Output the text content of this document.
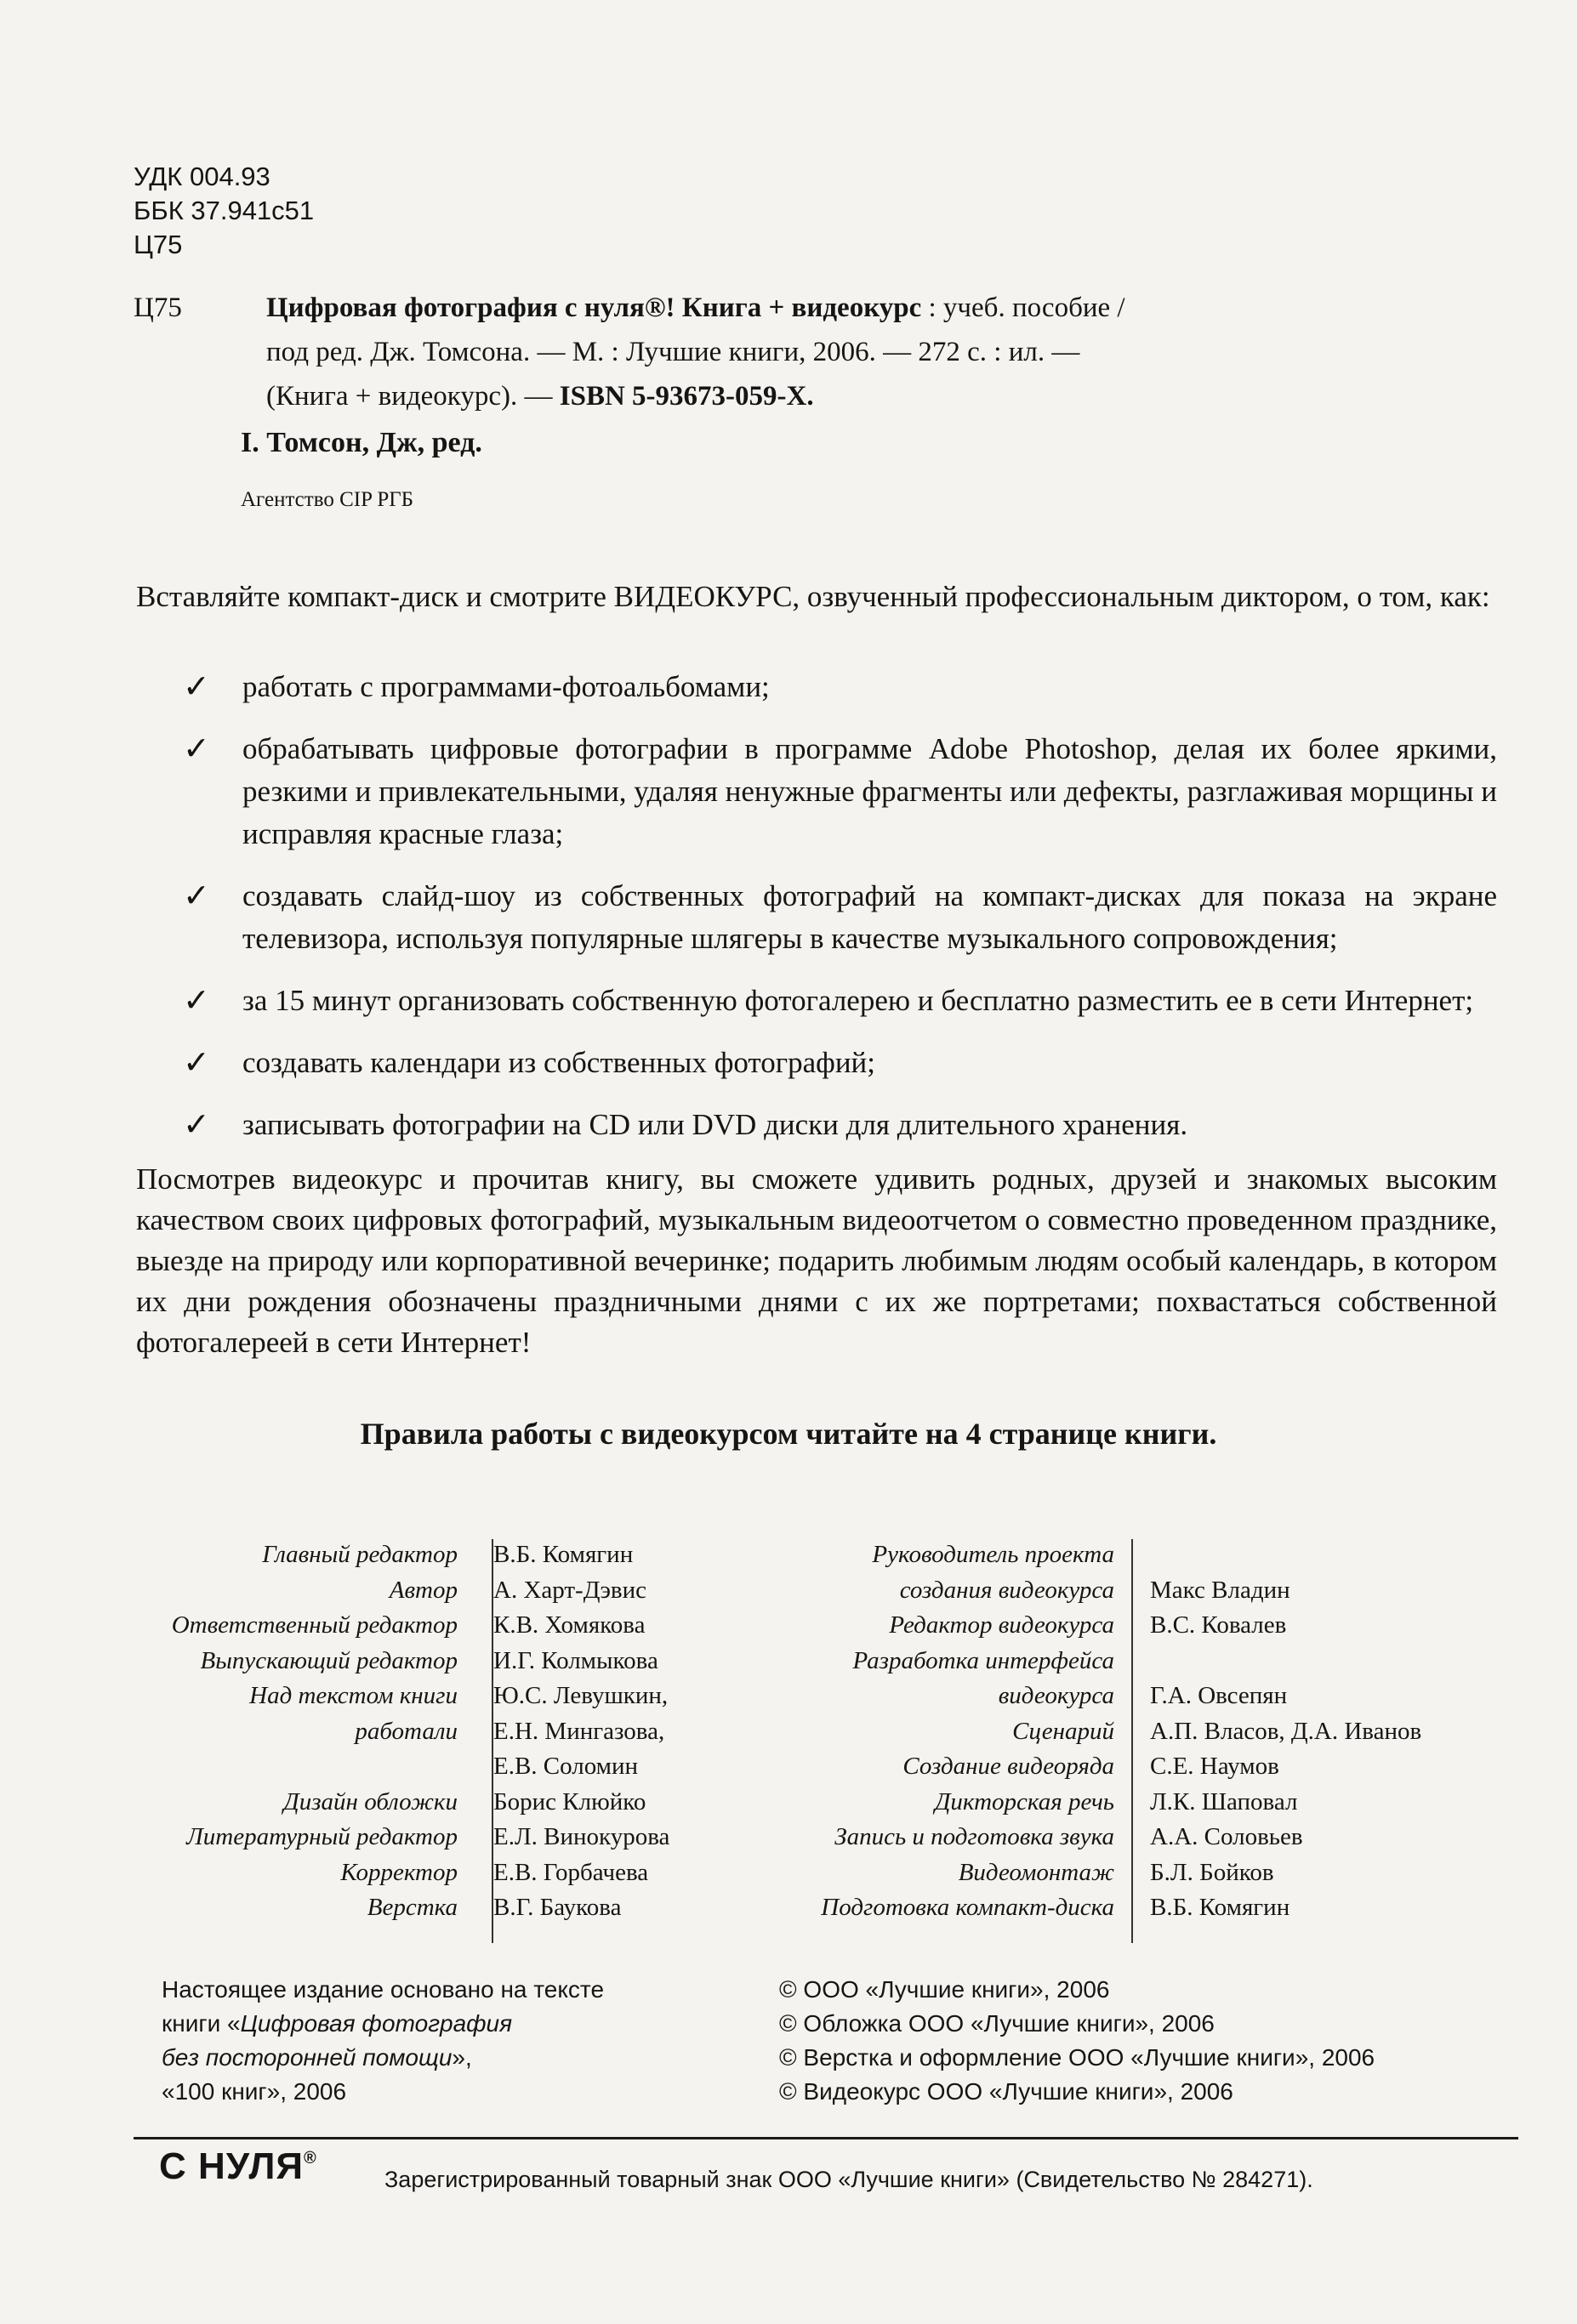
УДК 004.93
ББК 37.941с51
Ц75
Ц75	Цифровая фотография с нуля®! Книга + видеокурс : учеб. пособие /
под ред. Дж. Томсона. — М. : Лучшие книги, 2006. — 272 с. : ил. —
(Книга + видеокурс). — ISBN 5-93673-059-X.
I. Томсон, Дж, ред.
Агентство CIP РГБ
Вставляйте компакт-диск и смотрите ВИДЕОКУРС, озвученный профессиональным диктором, о том, как:
✓ работать с программами-фотоальбомами;
✓ обрабатывать цифровые фотографии в программе Adobe Photoshop, делая их более яркими, резкими и привлекательными, удаляя ненужные фрагменты или дефекты, разглаживая морщины и исправляя красные глаза;
✓ создавать слайд-шоу из собственных фотографий на компакт-дисках для показа на экране телевизора, используя популярные шлягеры в качестве музыкального сопровождения;
✓ за 15 минут организовать собственную фотогалерею и бесплатно разместить ее в сети Интернет;
✓ создавать календари из собственных фотографий;
✓ записывать фотографии на CD или DVD диски для длительного хранения.
Посмотрев видеокурс и прочитав книгу, вы сможете удивить родных, друзей и знакомых высоким качеством своих цифровых фотографий, музыкальным видеоотчетом о совместно проведенном празднике, выезде на природу или корпоративной вечеринке; подарить любимым людям особый календарь, в котором их дни рождения обозначены праздничными днями с их же портретами; похвастаться собственной фотогалереей в сети Интернет!
Правила работы с видеокурсом читайте на 4 странице книги.
Главный редактор	В.Б. Комягин
Автор	А. Харт-Дэвис
Ответственный редактор	К.В. Хомякова
Выпускающий редактор	И.Г. Колмыкова
Над текстом книги	Ю.С. Левушкин,
работали	Е.Н. Мингазова,
Е.В. Соломин
Дизайн обложки	Борис Клюйко
Литературный редактор	Е.Л. Винокурова
Корректор	Е.В. Горбачева
Верстка	В.Г. Баукова
Руководитель проекта
создания видеокурса	Макс Владин
Редактор видеокурса	В.С. Ковалев
Разработка интерфейса
видеокурса	Г.А. Овсепян
Сценарий	А.П. Власов, Д.А. Иванов
Создание видеоряда	С.Е. Наумов
Дикторская речь	Л.К. Шаповал
Запись и подготовка звука	А.А. Соловьев
Видеомонтаж	Б.Л. Бойков
Подготовка компакт-диска	В.Б. Комягин
Настоящее издание основано на тексте
книги «Цифровая фотография
без посторонней помощи»,
«100 книг», 2006
© ООО «Лучшие книги», 2006
© Обложка ООО «Лучшие книги», 2006
© Верстка и оформление ООО «Лучшие книги», 2006
© Видеокурс ООО «Лучшие книги», 2006
С НУЛЯ®
Зарегистрированный товарный знак ООО «Лучшие книги» (Свидетельство № 284271).
